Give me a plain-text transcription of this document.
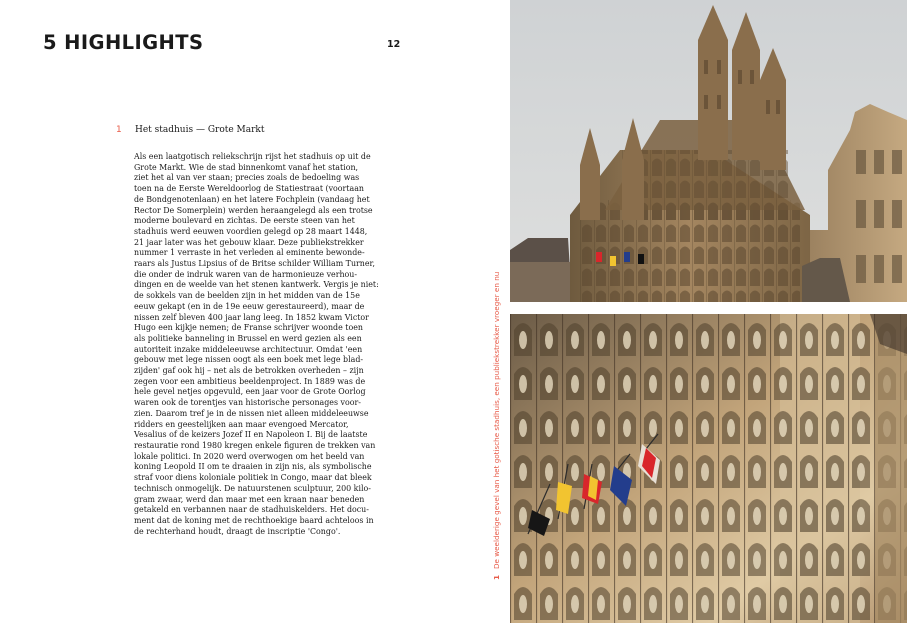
5 HIGHLIGHTS	12
1 Het stadhuis — Grote Markt
Als een laatgotisch reliekschrijn rijst het stadhuis op uit de
Grote Markt. Wie de stad binnenkomt vanaf het station,
ziet het al van ver staan; precies zoals de bedoeling was
toen na de Eerste Wereldoorlog de Statiestraat (voortaan
de Bondgenotenlaan) en het latere Fochplein (vandaag het
Rector De Somerplein) werden heraangelegd als een trotse
moderne boulevard en zichtas. De eerste steen van het
stadhuis werd eeuwen voordien gelegd op 28 maart 1448,
21 jaar later was het gebouw klaar. Deze publiekstrekker
nummer 1 verraste in het verleden al eminente bewonde-
raars als Justus Lipsius of de Britse schilder William Turner,
die onder de indruk waren van de harmonieuze verhou-
dingen en de weelde van het stenen kantwerk. Vergis je niet:
de sokkels van de beelden zijn in het midden van de 15e
eeuw gekapt (en in de 19e eeuw gerestaureerd), maar de
nissen zelf bleven 400 jaar lang leeg. In 1852 kwam Victor
Hugo een kijkje nemen; de Franse schrijver woonde toen
als politieke banneling in Brussel en werd gezien als een
autoriteit inzake middeleeuwse architectuur. Omdat 'een
gebouw met lege nissen oogt als een boek met lege blad-
zijden' gaf ook hij – net als de betrokken overheden – zijn
zegen voor een ambitieus beeldenproject. In 1889 was de
hele gevel netjes opgevuld, een jaar voor de Grote Oorlog
waren ook de torentjes van historische personages voor-
zien. Daarom tref je in de nissen niet alleen middeleeuwse
ridders en geestelijken aan maar evengoed Mercator,
Vesalius of de keizers Jozef II en Napoleon I. Bij de laatste
restauratie rond 1980 kregen enkele figuren de trekken van
lokale politici. In 2020 werd overwogen om het beeld van
koning Leopold II om te draaien in zijn nis, als symbolische
straf voor diens koloniale politiek in Congo, maar dat bleek
technisch onmogelijk. De natuurstenen sculptuur, 200 kilo-
gram zwaar, werd dan maar met een kraan naar beneden
getakeld en verbannen naar de stadhuiskelders. Het docu-
ment dat de koning met de rechthoekige baard achteloos in
de rechterhand houdt, draagt de inscriptie 'Congo'.
1De weelderige gevel van het gotische stadhuis, een publiekstrekker vroeger en nu
